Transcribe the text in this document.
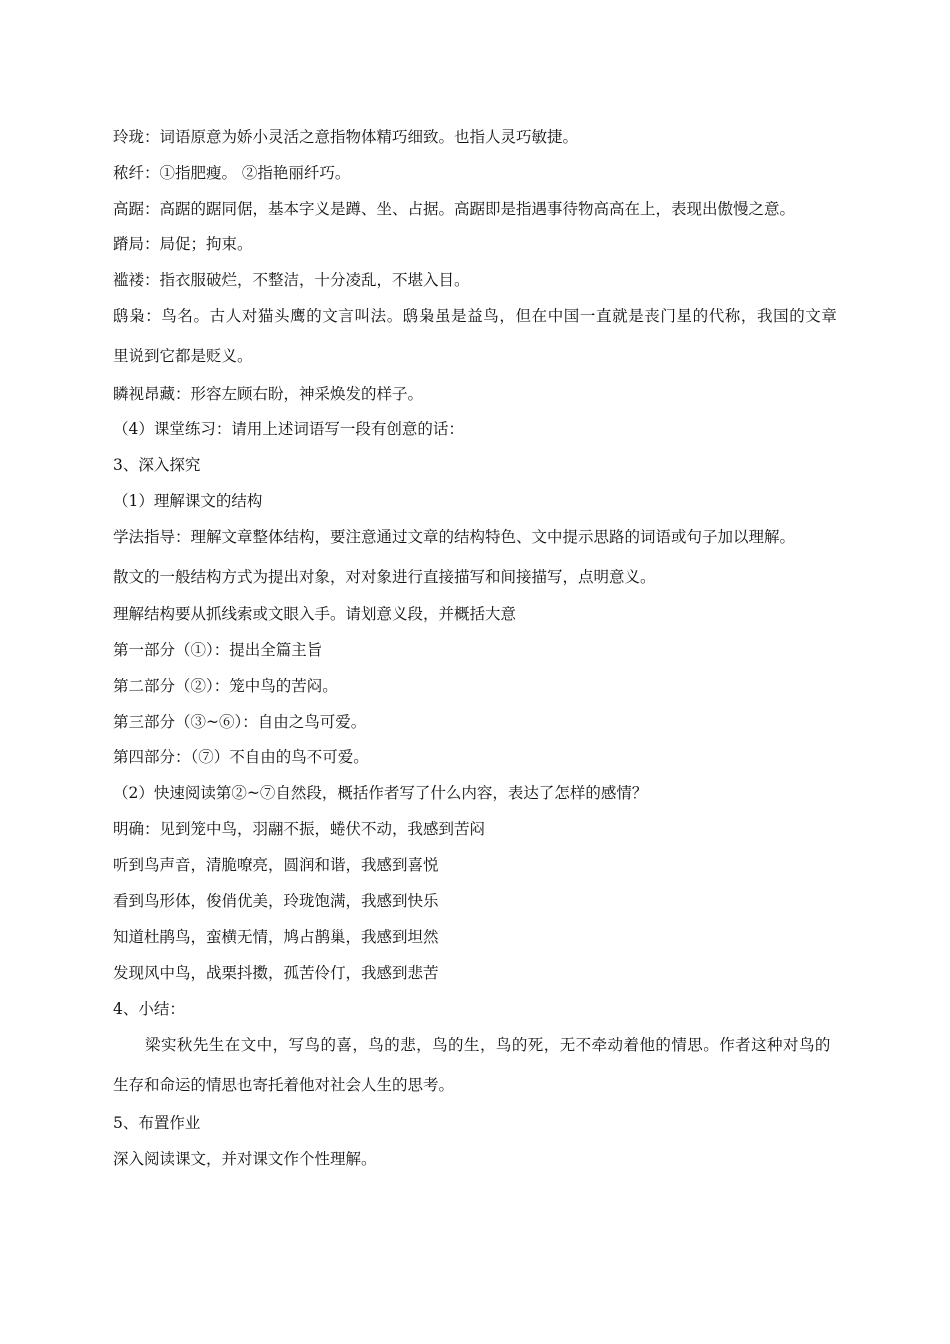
玲珑：词语原意为娇小灵活之意指物体精巧细致。也指人灵巧敏捷。
秾纤：①指肥瘦。 ②指艳丽纤巧。
高踞：高踞的踞同倨，基本字义是蹲、坐、占据。高踞即是指遇事待物高高在上，表现出傲慢之意。
蹐局：局促；拘束。
褴褛：指衣服破烂，不整洁，十分凌乱，不堪入目。
鸱枭：鸟名。古人对猫头鹰的文言叫法。鸱枭虽是益鸟，但在中国一直就是丧门星的代称，我国的文章
里说到它都是贬义。
瞵视昂藏：形容左顾右盼，神采焕发的样子。
（4）课堂练习：请用上述词语写一段有创意的话：
3、深入探究
（1）理解课文的结构
学法指导：理解文章整体结构，要注意通过文章的结构特色、文中提示思路的词语或句子加以理解。
散文的一般结构方式为提出对象，对对象进行直接描写和间接描写，点明意义。
理解结构要从抓线索或文眼入手。请划意义段，并概括大意
第一部分（①）：提出全篇主旨
第二部分（②）：笼中鸟的苦闷。
第三部分（③~⑥）：自由之鸟可爱。
第四部分：（⑦）不自由的鸟不可爱。
（2）快速阅读第②~⑦自然段，概括作者写了什么内容，表达了怎样的感情？
明确：见到笼中鸟，羽翮不振，蜷伏不动，我感到苦闷
听到鸟声音，清脆嘹亮，圆润和谐，我感到喜悦
看到鸟形体，俊俏优美，玲珑饱满，我感到快乐
知道杜鹃鸟，蛮横无情，鸠占鹊巢，我感到坦然
发现风中鸟，战栗抖擞，孤苦伶仃，我感到悲苦
4、小结：
梁实秋先生在文中，写鸟的喜，鸟的悲，鸟的生，鸟的死，无不牵动着他的情思。作者这种对鸟的
生存和命运的情思也寄托着他对社会人生的思考。
5、布置作业
深入阅读课文，并对课文作个性理解。
